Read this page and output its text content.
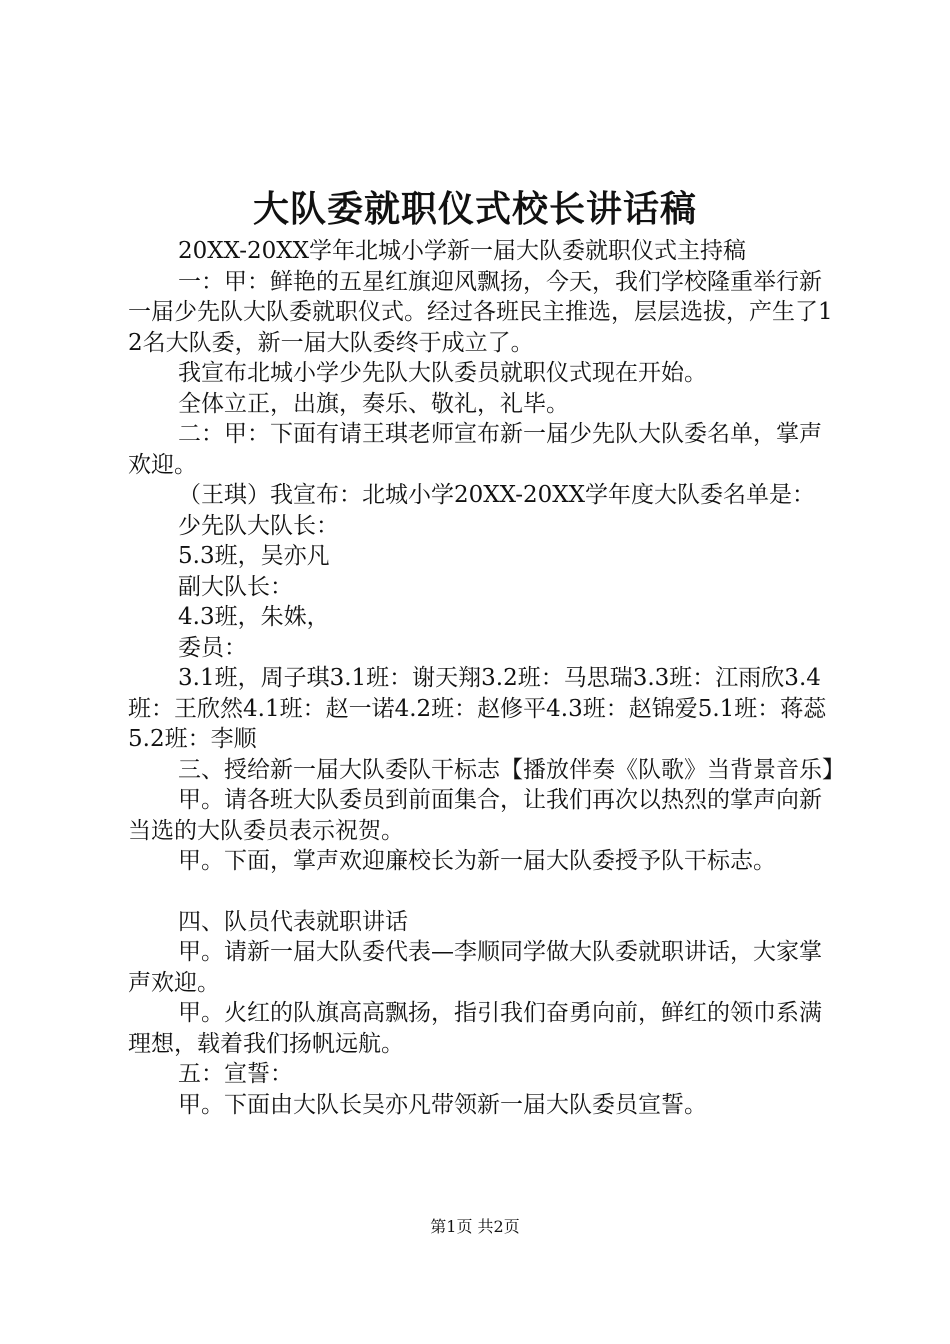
大队委就职仪式校长讲话稿

20XX-20XX学年北城小学新一届大队委就职仪式主持稿

一：甲：鲜艳的五星红旗迎风飘扬，今天，我们学校隆重举行新一届少先队大队委就职仪式。经过各班民主推选，层层选拔，产生了12名大队委，新一届大队委终于成立了。

我宣布北城小学少先队大队委员就职仪式现在开始。

全体立正，出旗，奏乐、敬礼，礼毕。

二：甲：下面有请王琪老师宣布新一届少先队大队委名单，掌声欢迎。

（王琪）我宣布：北城小学20XX-20XX学年度大队委名单是：

少先队大队长：

5.3班，吴亦凡

副大队长：

4.3班，朱姝，

委员：

3.1班，周子琪3.1班：谢天翔3.2班：马思瑞3.3班：江雨欣3.4班：王欣然4.1班：赵一诺4.2班：赵修平4.3班：赵锦爱5.1班：蒋蕊5.2班：李顺

三、授给新一届大队委队干标志【播放伴奏《队歌》当背景音乐】

甲。请各班大队委员到前面集合，让我们再次以热烈的掌声向新当选的大队委员表示祝贺。

甲。下面，掌声欢迎廉校长为新一届大队委授予队干标志。

四、队员代表就职讲话

甲。请新一届大队委代表—李顺同学做大队委就职讲话，大家掌声欢迎。

甲。火红的队旗高高飘扬，指引我们奋勇向前，鲜红的领巾系满理想，载着我们扬帆远航。

五：宣誓：

甲。下面由大队长吴亦凡带领新一届大队委员宣誓。

第1页 共2页
